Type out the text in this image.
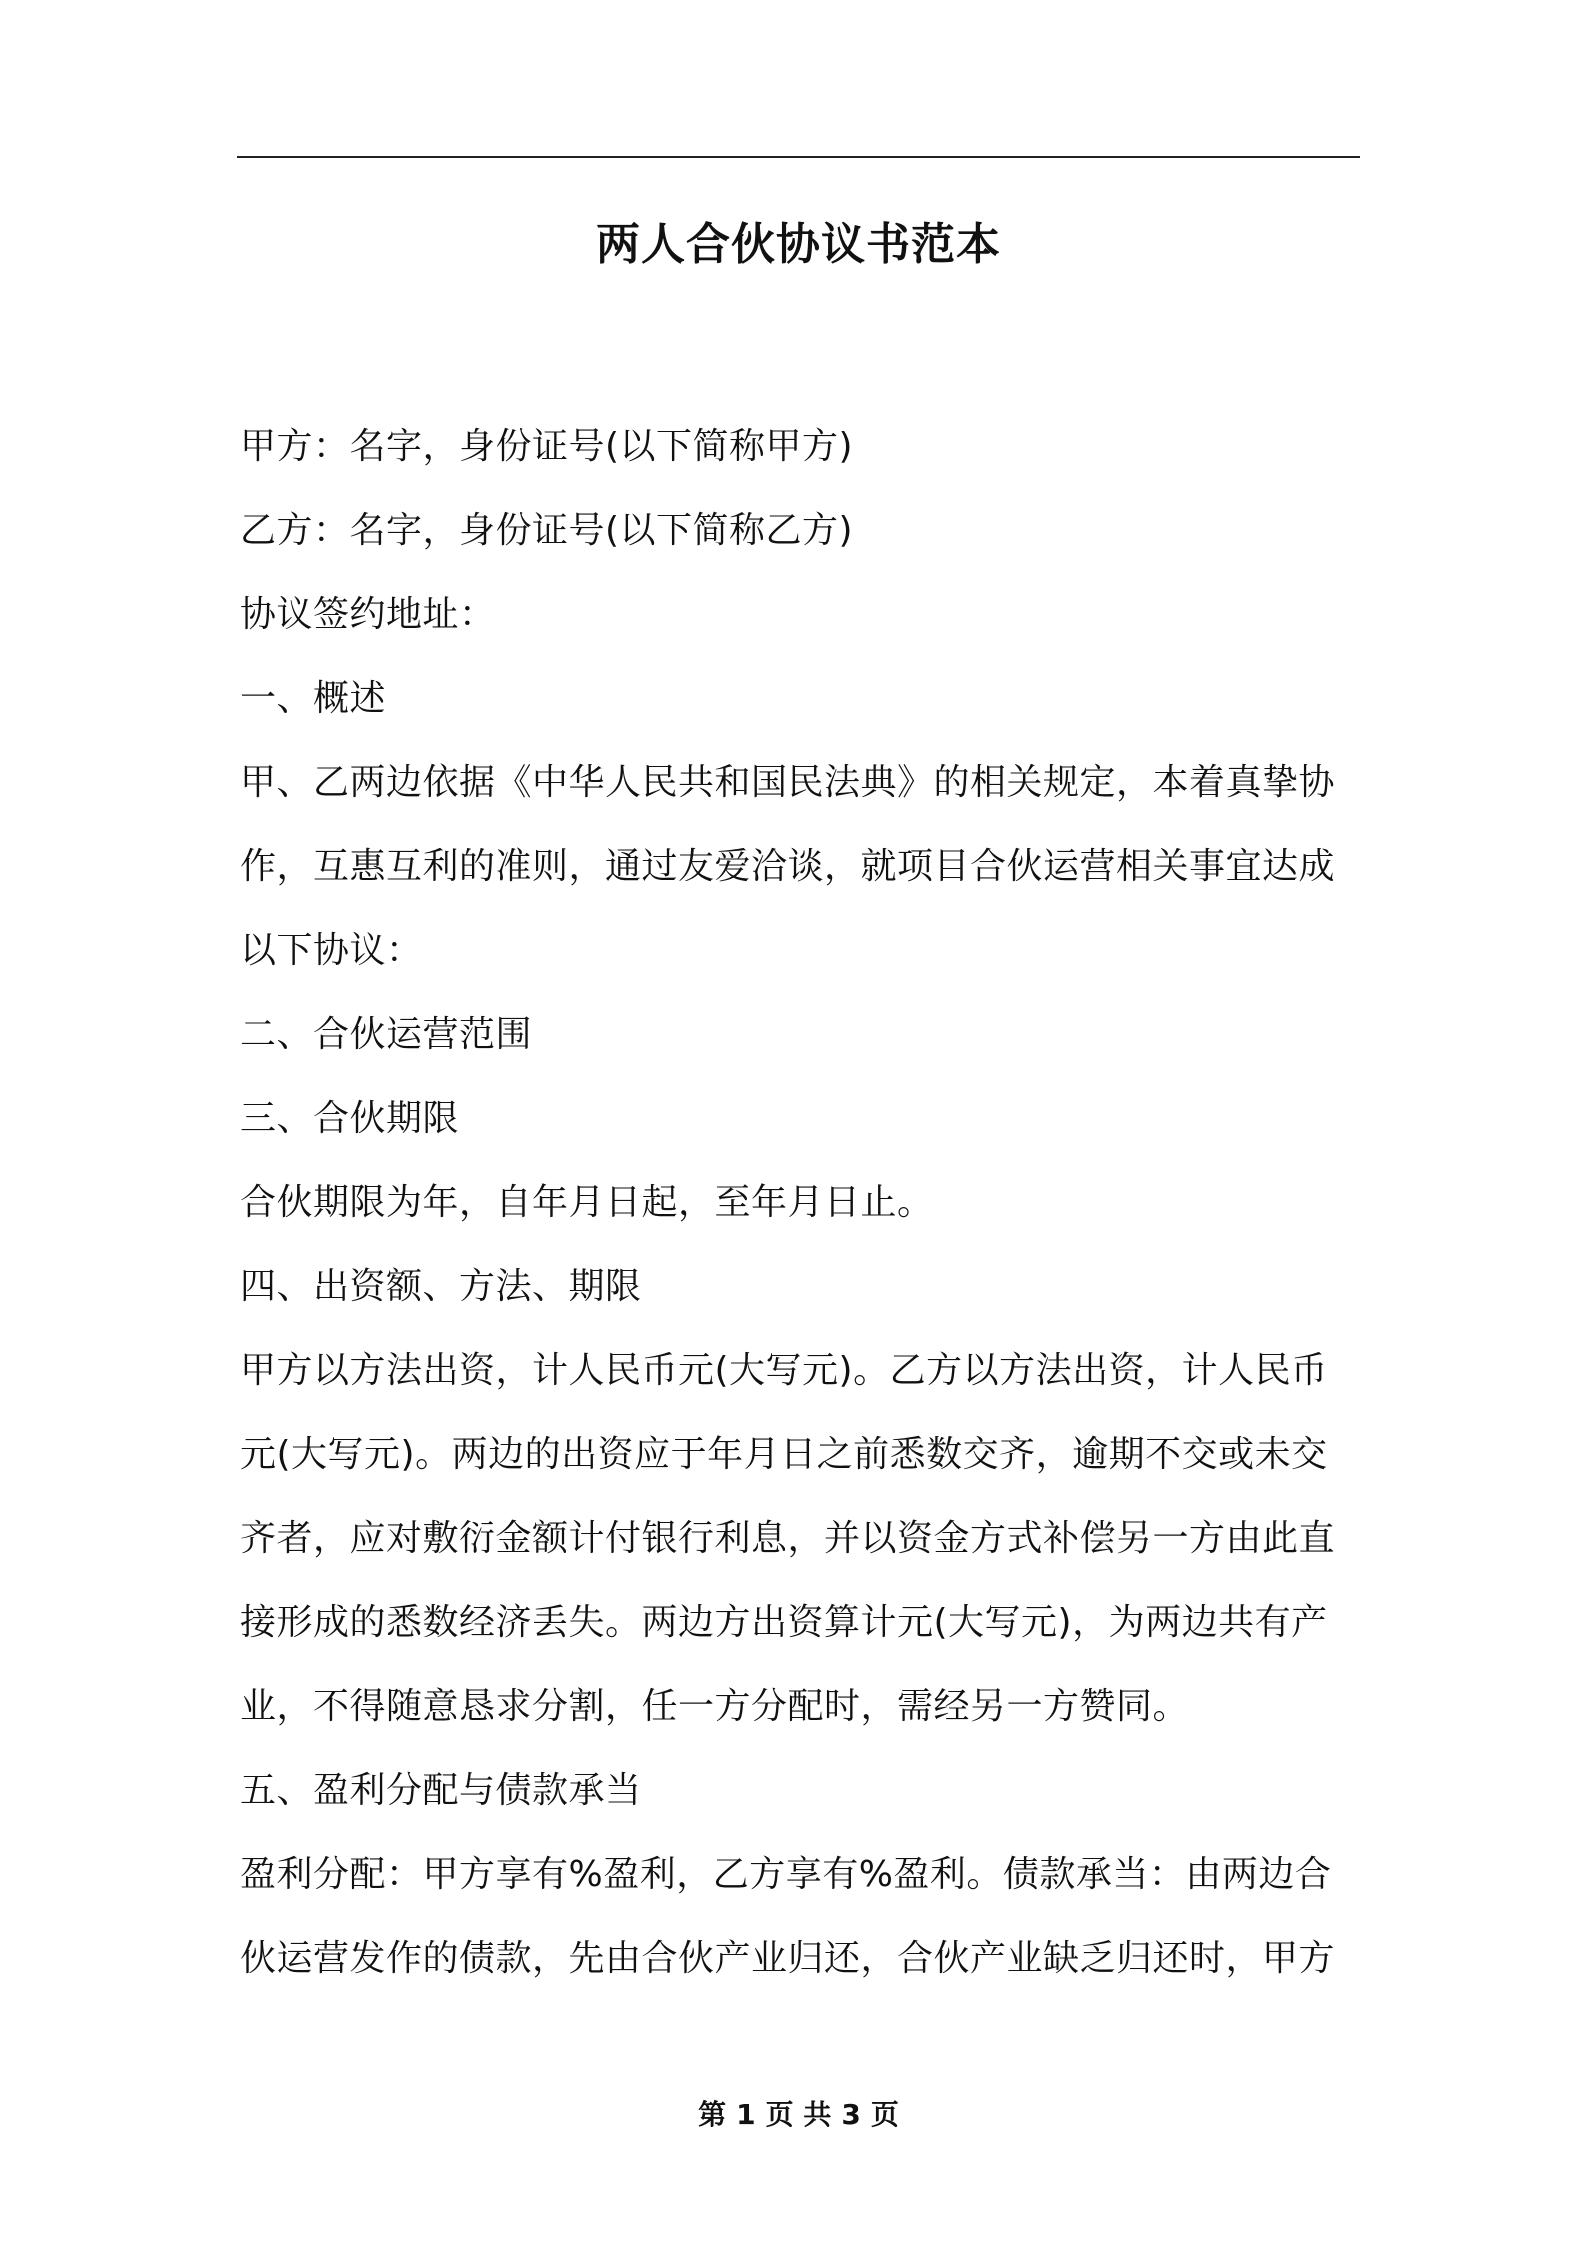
两人合伙协议书范本
甲方：名字，身份证号(以下简称甲方)
乙方：名字，身份证号(以下简称乙方)
协议签约地址：
一、概述
甲、乙两边依据《中华人民共和国民法典》的相关规定，本着真挚协
作，互惠互利的准则，通过友爱洽谈，就项目合伙运营相关事宜达成
以下协议：
二、合伙运营范围
三、合伙期限
合伙期限为年，自年月日起，至年月日止。
四、出资额、方法、期限
甲方以方法出资，计人民币元(大写元)。乙方以方法出资，计人民币
元(大写元)。两边的出资应于年月日之前悉数交齐，逾期不交或未交
齐者，应对敷衍金额计付银行利息，并以资金方式补偿另一方由此直
接形成的悉数经济丢失。两边方出资算计元(大写元)，为两边共有产
业，不得随意恳求分割，任一方分配时，需经另一方赞同。
五、盈利分配与债款承当
盈利分配：甲方享有%盈利，乙方享有%盈利。债款承当：由两边合
伙运营发作的债款，先由合伙产业归还，合伙产业缺乏归还时，甲方
第 1 页 共 3 页
